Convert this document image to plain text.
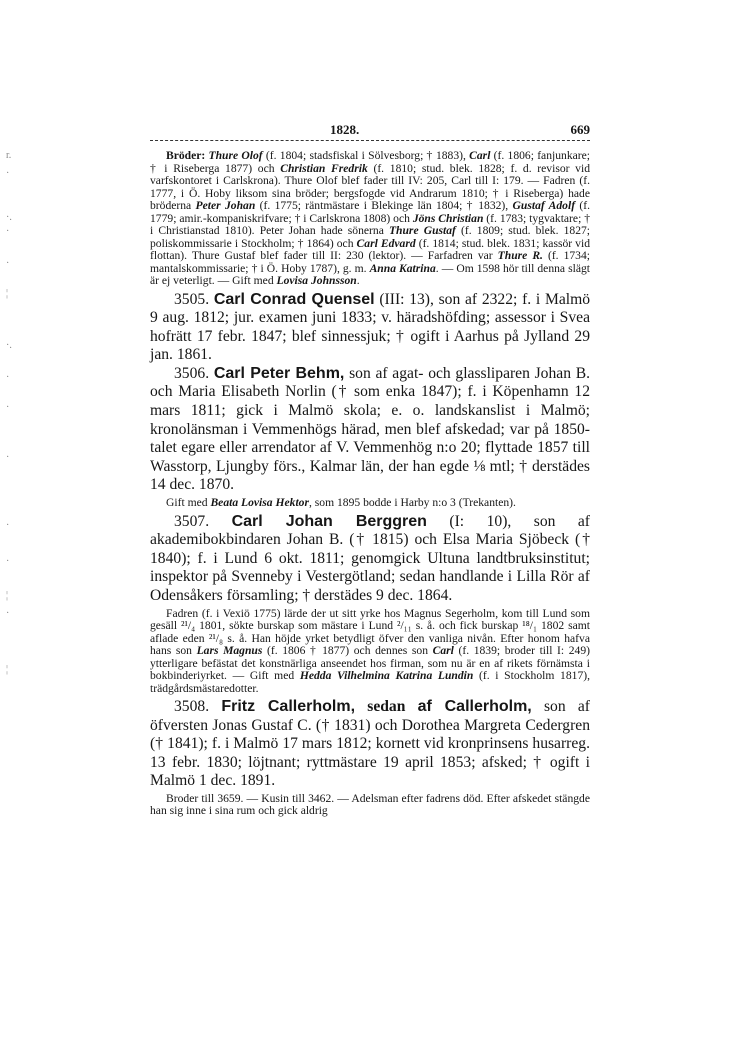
r.
·
·.
·
·
¦
·.
·
·
·
·
·
¦
·
¦
1828.	669

Bröder: Thure Olof (f. 1804; stadsfiskal i Sölvesborg; † 1883), Carl (f. 1806; fanjunkare; † i Riseberga 1877) och Christian Fredrik (f. 1810; stud. blek. 1828; f. d. revisor vid varfskontoret i Carlskrona). Thure Olof blef fader till IV: 205, Carl till I: 179. — Fadren (f. 1777, i Ö. Hoby liksom sina bröder; bergsfogde vid Andrarum 1810; † i Riseberga) hade bröderna Peter Johan (f. 1775; räntmästare i Blekinge län 1804; † 1832), Gustaf Adolf (f. 1779; amir.-kompaniskrifvare; † i Carlskrona 1808) och Jöns Christian (f. 1783; tygvaktare; † i Christianstad 1810). Peter Johan hade sönerna Thure Gustaf (f. 1809; stud. blek. 1827; poliskommissarie i Stockholm; † 1864) och Carl Edvard (f. 1814; stud. blek. 1831; kassör vid flottan). Thure Gustaf blef fader till II: 230 (lektor). — Farfadren var Thure R. (f. 1734; mantalskommissarie; † i Ö. Hoby 1787), g. m. Anna Katrina. — Om 1598 hör till denna slägt är ej veterligt. — Gift med Lovisa Johnsson.

3505. Carl Conrad Quensel (III: 13), son af 2322; f. i Malmö 9 aug. 1812; jur. examen juni 1833; v. häradshöfding; assessor i Svea hofrätt 17 febr. 1847; blef sinnessjuk; † ogift i Aarhus på Jylland 29 jan. 1861.

3506. Carl Peter Behm, son af agat- och glassliparen Johan B. och Maria Elisabeth Norlin († som enka 1847); f. i Köpenhamn 12 mars 1811; gick i Malmö skola; e. o. landskanslist i Malmö; kronolänsman i Vemmenhögs härad, men blef afskedad; var på 1850-talet egare eller arrendator af V. Vemmenhög n:o 20; flyttade 1857 till Wasstorp, Ljungby förs., Kalmar län, der han egde ⅛ mtl; † derstädes 14 dec. 1870.

Gift med Beata Lovisa Hektor, som 1895 bodde i Harby n:o 3 (Trekanten).

3507. Carl Johan Berggren (I: 10), son af akademibokbindaren Johan B. († 1815) och Elsa Maria Sjöbeck († 1840); f. i Lund 6 okt. 1811; genomgick Ultuna landtbruksinstitut; inspektor på Svenneby i Vestergötland; sedan handlande i Lilla Rör af Odensåkers församling; † derstädes 9 dec. 1864.

Fadren (f. i Vexiö 1775) lärde der ut sitt yrke hos Magnus Segerholm, kom till Lund som gesäll ²¹/₄ 1801, sökte burskap som mästare i Lund ²/₁₁ s. å. och fick burskap ¹⁸/₁ 1802 samt aflade eden ²¹/₈ s. å. Han höjde yrket betydligt öfver den vanliga nivån. Efter honom hafva hans son Lars Magnus (f. 1806 † 1877) och dennes son Carl (f. 1839; broder till I: 249) ytterligare befästat det konstnärliga anseendet hos firman, som nu är en af rikets förnämsta i bokbinderiyrket. — Gift med Hedda Vilhelmina Katrina Lundin (f. i Stockholm 1817), trädgårdsmästaredotter.

3508. Fritz Callerholm, sedan af Callerholm, son af öfversten Jonas Gustaf C. († 1831) och Dorothea Margreta Cedergren († 1841); f. i Malmö 17 mars 1812; kornett vid kronprinsens husarreg. 13 febr. 1830; löjtnant; ryttmästare 19 april 1853; afsked; † ogift i Malmö 1 dec. 1891.

Broder till 3659. — Kusin till 3462. — Adelsman efter fadrens död. Efter afskedet stängde han sig inne i sina rum och gick aldrig
